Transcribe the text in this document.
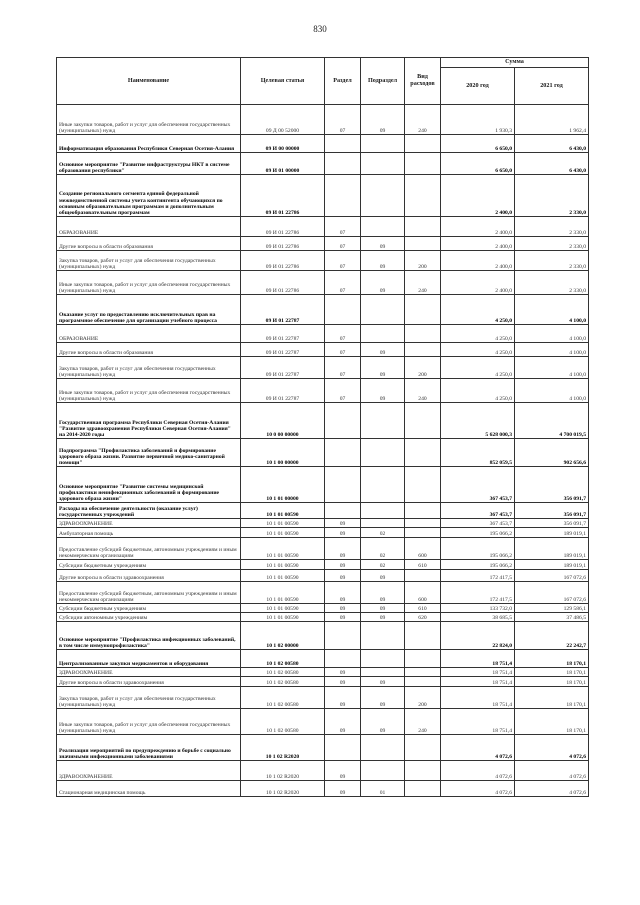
830
Наименование	Целевая статья	Раздел	Подраздел	Вид расходов	Сумма	
					2020 год	2021 год
Иные закупки товаров, работ и услуг для обеспечения государственных (муниципальных) нужд	09 Д 00 52000	07	09	240	1 930,3	1 962,4
Информатизация образования Республики Северная Осетия-Алания	09 И 00 00000				6 650,0	6 430,0
Основное мероприятие "Развитие инфраструктуры НКТ в системе образования республики"	09 И 01 00000				6 650,0	6 430,0
Создание регионального сегмента единой федеральной межведомственной системы учета контингента обучающихся по основным образовательным программам и дополнительным общеобразовательным программам	09 И 01 22786				2 400,0	2 330,0
ОБРАЗОВАНИЕ	09 И 01 22786	07			2 400,0	2 330,0
Другие вопросы в области образования	09 И 01 22786	07	09		2 400,0	2 330,0
Закупка товаров, работ и услуг для обеспечения государственных (муниципальных) нужд	09 И 01 22786	07	09	200	2 400,0	2 330,0
Иные закупки товаров, работ и услуг для обеспечения государственных (муниципальных) нужд	09 И 01 22786	07	09	240	2 400,0	2 330,0
Оказание услуг по предоставлению исключительных прав на программное обеспечение для организации учебного процесса	09 И 01 22787				4 250,0	4 100,0
ОБРАЗОВАНИЕ	09 И 01 22787	07			4 250,0	4 100,0
Другие вопросы в области образования	09 И 01 22787	07	09		4 250,0	4 100,0
Закупка товаров, работ и услуг для обеспечения государственных (муниципальных) нужд	09 И 01 22787	07	09	200	4 250,0	4 100,0
Иные закупки товаров, работ и услуг для обеспечения государственных (муниципальных) нужд	09 И 01 22787	07	09	240	4 250,0	4 100,0
Государственная программа Республики Северная Осетия-Алания "Развитие здравоохранения Республики Северная Осетия-Алания" на 2014-2020 годы	10 0 00 00000				5 628 000,3	4 700 019,5
Подпрограмма "Профилактика заболеваний и формирование здорового образа жизни. Развитие первичной медико-санитарной помощи"	10 1 00 00000				852 059,5	902 656,6
Основное мероприятие "Развитие системы медицинской профилактики неинфекционных заболеваний и формирование здорового образа жизни"	10 1 01 00000				367 453,7	356 091,7
Расходы на обеспечение деятельности (оказание услуг) государственных учреждений	10 1 01 00590				367 453,7	356 091,7
ЗДРАВООХРАНЕНИЕ	10 1 01 00590	09			367 453,7	356 091,7
Амбулаторная помощь	10 1 01 00590	09	02		195 066,2	189 019,1
Предоставление субсидий бюджетным, автономным учреждениям и иным некоммерческим организациям	10 1 01 00590	09	02	600	195 066,2	189 019,1
Субсидии бюджетным учреждениям	10 1 01 00590	09	02	610	195 066,2	189 019,1
Другие вопросы в области здравоохранения	10 1 01 00590	09	09		172 417,5	167 072,6
Предоставление субсидий бюджетным, автономным учреждениям и иным некоммерческим организациям	10 1 01 00590	09	09	600	172 417,5	167 072,6
Субсидии бюджетным учреждениям	10 1 01 00590	09	09	610	133 732,0	129 586,1
Субсидии автономным учреждениям	10 1 01 00590	09	09	620	38 685,5	37 486,5
Основное мероприятие "Профилактика инфекционных заболеваний, в том числе иммунопрофилактика"	10 1 02 00000				22 824,0	22 242,7
Централизованные закупки медикаментов и оборудования	10 1 02 00580				18 751,4	18 170,1
ЗДРАВООХРАНЕНИЕ	10 1 02 00580	09			18 751,4	18 170,1
Другие вопросы в области здравоохранения	10 1 02 00580	09	09		18 751,4	18 170,1
Закупка товаров, работ и услуг для обеспечения государственных (муниципальных) нужд	10 1 02 00580	09	09	200	18 751,4	18 170,1
Иные закупки товаров, работ и услуг для обеспечения государственных (муниципальных) нужд	10 1 02 00580	09	09	240	18 751,4	18 170,1
Реализация мероприятий по предупреждению и борьбе с социально значимыми инфекционными заболеваниями	10 1 02 R2020				4 072,6	4 072,6
ЗДРАВООХРАНЕНИЕ	10 1 02 R2020	09			4 072,6	4 072,6
Стационарная медицинская помощь	10 1 02 R2020	09	01		4 072,6	4 072,6
